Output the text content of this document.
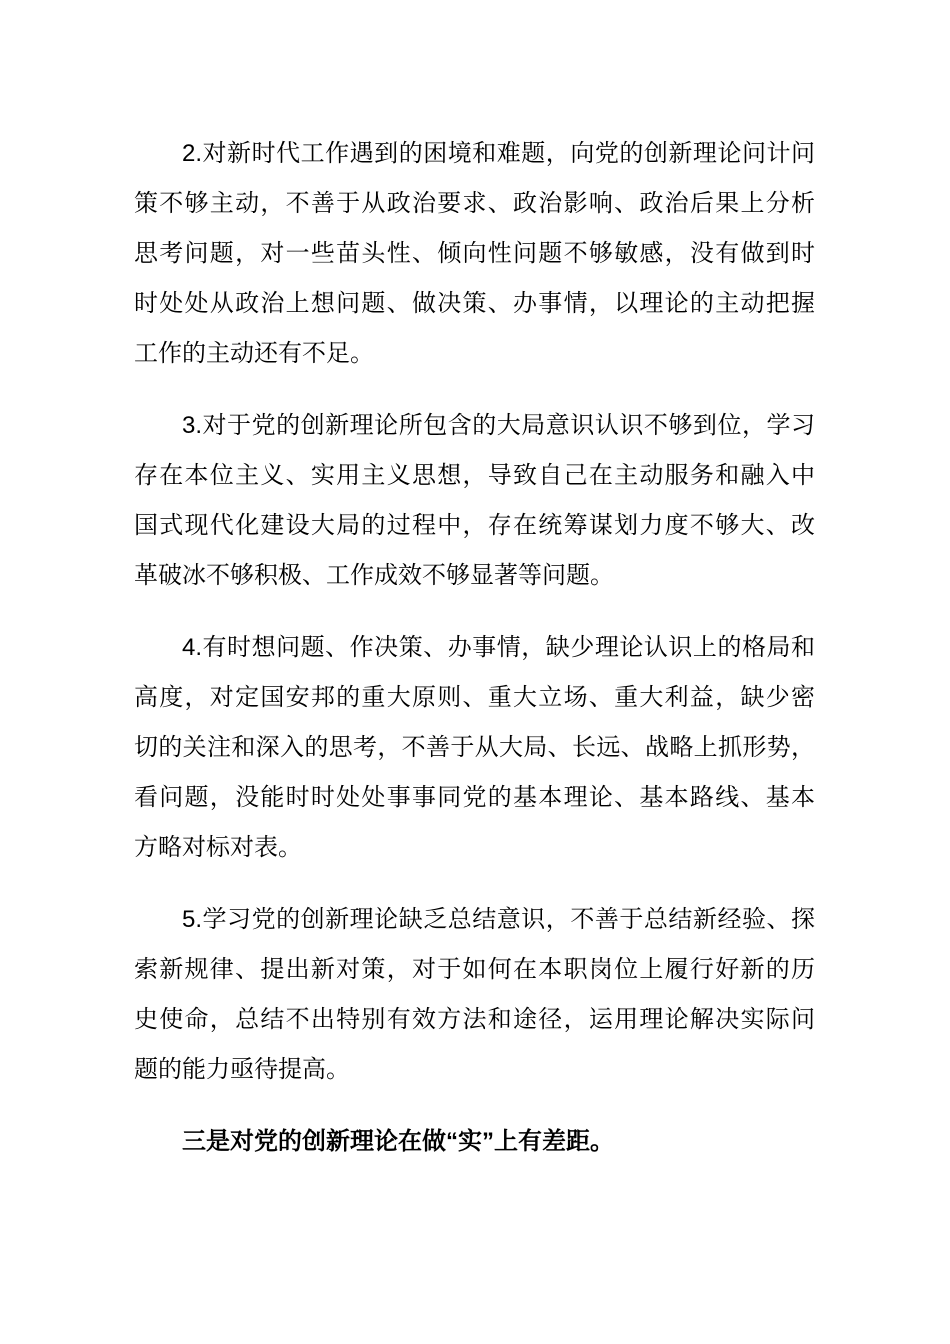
2.对新时代工作遇到的困境和难题，向党的创新理论问计问
策不够主动，不善于从政治要求、政治影响、政治后果上分析
思考问题，对一些苗头性、倾向性问题不够敏感，没有做到时
时处处从政治上想问题、做决策、办事情，以理论的主动把握
工作的主动还有不足。
3.对于党的创新理论所包含的大局意识认识不够到位，学习
存在本位主义、实用主义思想，导致自己在主动服务和融入中
国式现代化建设大局的过程中，存在统筹谋划力度不够大、改
革破冰不够积极、工作成效不够显著等问题。
4.有时想问题、作决策、办事情，缺少理论认识上的格局和
高度，对定国安邦的重大原则、重大立场、重大利益，缺少密
切的关注和深入的思考，不善于从大局、长远、战略上抓形势，
看问题，没能时时处处事事同党的基本理论、基本路线、基本
方略对标对表。
5.学习党的创新理论缺乏总结意识，不善于总结新经验、探
索新规律、提出新对策，对于如何在本职岗位上履行好新的历
史使命，总结不出特别有效方法和途径，运用理论解决实际问
题的能力亟待提高。
三是对党的创新理论在做“实”上有差距。
